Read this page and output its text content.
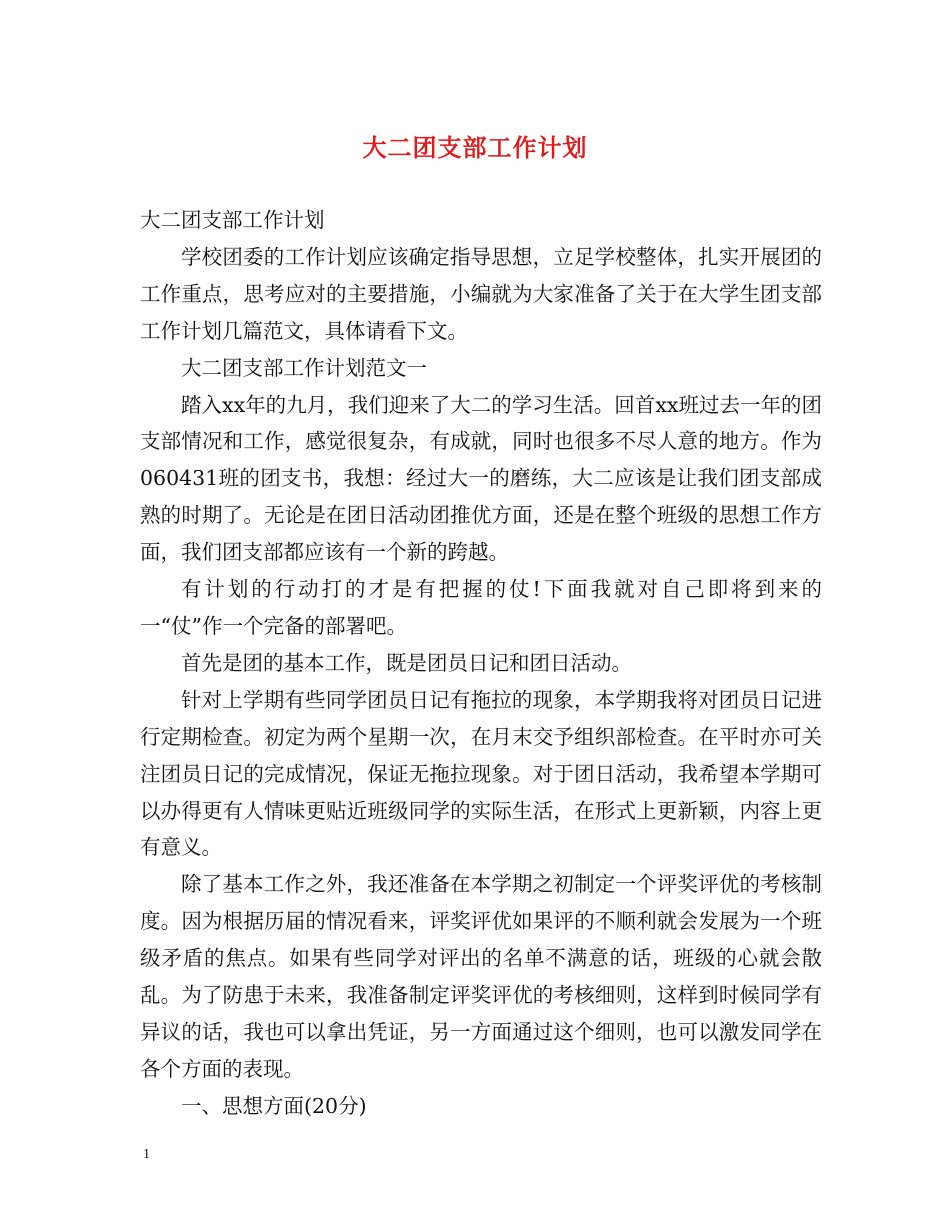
大二团支部工作计划

大二团支部工作计划

学校团委的工作计划应该确定指导思想，立足学校整体，扎实开展团的工作重点，思考应对的主要措施，小编就为大家准备了关于在大学生团支部工作计划几篇范文，具体请看下文。

大二团支部工作计划范文一

踏入xx年的九月，我们迎来了大二的学习生活。回首xx班过去一年的团支部情况和工作，感觉很复杂，有成就，同时也很多不尽人意的地方。作为 060431班的团支书，我想：经过大一的磨练，大二应该是让我们团支部成熟的时期了。无论是在团日活动团推优方面，还是在整个班级的思想工作方面，我们团支部都应该有一个新的跨越。

有计划的行动打的才是有把握的仗!下面我就对自己即将到来的一“仗”作一个完备的部署吧。

首先是团的基本工作，既是团员日记和团日活动。

针对上学期有些同学团员日记有拖拉的现象，本学期我将对团员日记进行定期检查。初定为两个星期一次，在月末交予组织部检查。在平时亦可关注团员日记的完成情况，保证无拖拉现象。对于团日活动，我希望本学期可以办得更有人情味更贴近班级同学的实际生活，在形式上更新颖，内容上更有意义。

除了基本工作之外，我还准备在本学期之初制定一个评奖评优的考核制度。因为根据历届的情况看来，评奖评优如果评的不顺利就会发展为一个班级矛盾的焦点。如果有些同学对评出的名单不满意的话，班级的心就会散乱。为了防患于未来，我准备制定评奖评优的考核细则，这样到时候同学有异议的话，我也可以拿出凭证，另一方面通过这个细则，也可以激发同学在各个方面的表现。

一、思想方面(20分)

1
